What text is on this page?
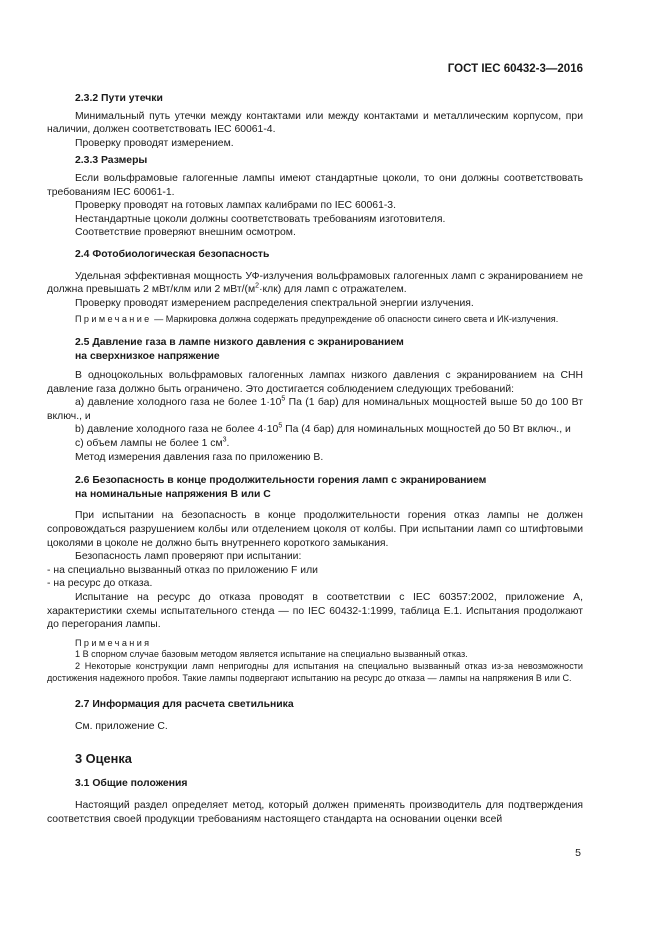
ГОСТ IEC 60432-3—2016
2.3.2 Пути утечки

Минимальный путь утечки между контактами или между контактами и металлическим корпусом, при наличии, должен соответствовать IEC 60061-4.

Проверку проводят измерением.

2.3.3 Размеры

Если вольфрамовые галогенные лампы имеют стандартные цоколи, то они должны соответствовать требованиям IEC 60061-1.

Проверку проводят на готовых лампах калибрами по IEC 60061-3.

Нестандартные цоколи должны соответствовать требованиям изготовителя.

Соответствие проверяют внешним осмотром.

2.4 Фотобиологическая безопасность

Удельная эффективная мощность УФ-излучения вольфрамовых галогенных ламп с экранированием не должна превышать 2 мВт/клм или 2 мВт/$(м^2\cdot клк)$ для ламп с отражателем.

Проверку проводят измерением распределения спектральной энергии излучения.

Примечание — Маркировка должна содержать предупреждение об опасности синего света и ИК-излучения.

2.5 Давление газа в лампе низкого давления с экранированием
на сверхнизкое напряжение

В одноцокольных вольфрамовых галогенных лампах низкого давления с экранированием на СНН давление газа должно быть ограничено. Это достигается соблюдением следующих требований:

а) давление холодного газа не более $1\cdot 10^5$ Па (1 бар) для номинальных мощностей выше 50 до 100 Вт включ., и

b) давление холодного газа не более $4\cdot 10^5$ Па (4 бар) для номинальных мощностей до 50 Вт включ., и

с) объем лампы не более 1 $см^3$.

Метод измерения давления газа по приложению В.

2.6 Безопасность в конце продолжительности горения ламп с экранированием
на номинальные напряжения В или С

При испытании на безопасность в конце продолжительности горения отказ лампы не должен сопровождаться разрушением колбы или отделением цоколя от колбы. При испытании ламп со штифтовыми цоколями в цоколе не должно быть внутреннего короткого замыкания.

Безопасность ламп проверяют при испытании:

- на специально вызванный отказ по приложению F или

- на ресурс до отказа.

Испытание на ресурс до отказа проводят в соответствии с IEC 60357:2002, приложение А, характеристики схемы испытательного стенда — по IEC 60432-1:1999, таблица Е.1. Испытания продолжают до перегорания лампы.

Примечания

1 В спорном случае базовым методом является испытание на специально вызванный отказ.

2 Некоторые конструкции ламп непригодны для испытания на специально вызванный отказ из-за невозможности достижения надежного пробоя. Такие лампы подвергают испытанию на ресурс до отказа — лампы на напряжения В или С.

2.7 Информация для расчета светильника

См. приложение С.

3 Оценка
3.1 Общие положения

Настоящий раздел определяет метод, который должен применять производитель для подтверждения соответствия своей продукции требованиям настоящего стандарта на основании оценки всей

5
